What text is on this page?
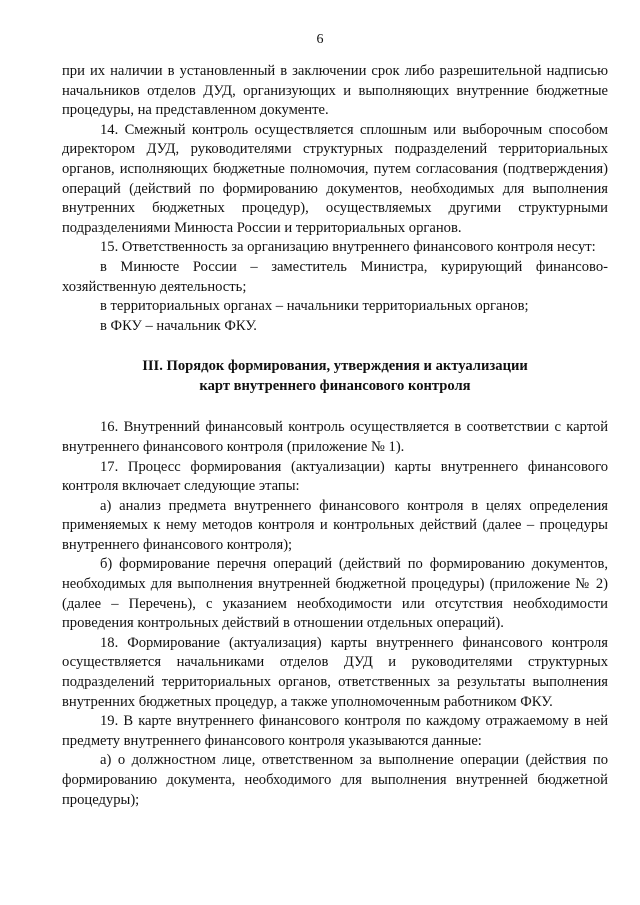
6

при их наличии в установленный в заключении срок либо разрешительной надписью начальников отделов ДУД, организующих и выполняющих внутренние бюджетные процедуры, на представленном документе.

14. Смежный контроль осуществляется сплошным или выборочным способом директором ДУД, руководителями структурных подразделений территориальных органов, исполняющих бюджетные полномочия, путем согласования (подтверждения) операций (действий по формированию документов, необходимых для выполнения внутренних бюджетных процедур), осуществляемых другими структурными подразделениями Минюста России и территориальных органов.

15. Ответственность за организацию внутреннего финансового контроля несут:

в Минюсте России – заместитель Министра, курирующий финансово-хозяйственную деятельность;

в территориальных органах – начальники территориальных органов;

в ФКУ – начальник ФКУ.

III. Порядок формирования, утверждения и актуализации
карт внутреннего финансового контроля

16. Внутренний финансовый контроль осуществляется в соответствии с картой внутреннего финансового контроля (приложение № 1).

17. Процесс формирования (актуализации) карты внутреннего финансового контроля включает следующие этапы:

а) анализ предмета внутреннего финансового контроля в целях определения применяемых к нему методов контроля и контрольных действий (далее – процедуры внутреннего финансового контроля);

б) формирование перечня операций (действий по формированию документов, необходимых для выполнения внутренней бюджетной процедуры) (приложение № 2) (далее – Перечень), с указанием необходимости или отсутствия необходимости проведения контрольных действий в отношении отдельных операций).

18. Формирование (актуализация) карты внутреннего финансового контроля осуществляется начальниками отделов ДУД и руководителями структурных подразделений территориальных органов, ответственных за результаты выполнения внутренних бюджетных процедур, а также уполномоченным работником ФКУ.

19. В карте внутреннего финансового контроля по каждому отражаемому в ней предмету внутреннего финансового контроля указываются данные:

а) о должностном лице, ответственном за выполнение операции (действия по формированию документа, необходимого для выполнения внутренней бюджетной процедуры);
